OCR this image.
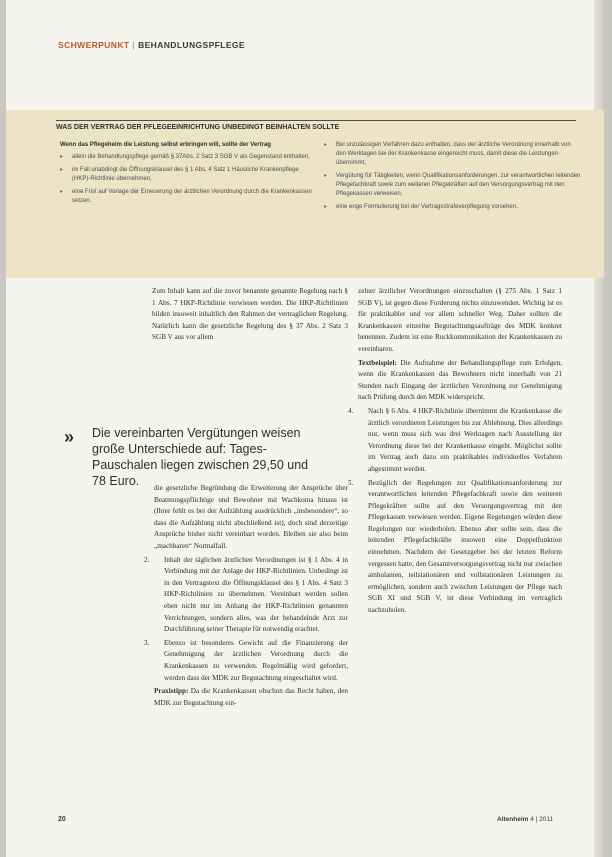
SCHWERPUNKT | BEHANDLUNGSPFLEGE
WAS DER VERTRAG DER PFLEGEEINRICHTUNG UNBEDINGT BEINHALTEN SOLLTE
Wenn das Pflegeheim die Leistung selbst erbringen will, sollte der Vertrag
▸ allein die Behandlungspflege gemäß § 37Abs. 2 Satz 3 SGB V als Gegenstand enthalten,
▸ im Fall unabdingt die Öffnungsklausel des § 1 Abs. 4 Satz 1 Häusliche Krankenpflege (HKP)-Richtlinie übernehmen,
▸ eine Frist auf Vorlage der Erneuerung der ärztlichen Verordnung durch die Krankenkassen setzen.
▸ Bei unzulässigen Verfahren dazu enthalten, dass der ärztliche Verordnung innerhalb von den Werktagen bei der Krankenkasse eingereicht muss, damit diese die Leistungen übernimmt,
▸ Vergütung für Tätigkeiten, wenn Qualifikationsanforderungen, zur verantwortlichen leitenden Pflegefachkraft sowie zum weiteren Pflegekräften auf den Versorgungsvertrag mit den Pflegekassen verweisen,
▸ eine enge Formulierung bei der Vertragsstrafeverpflegung vorsehen.

Zum Inhalt kann auf die zuvor benannte genannte Regelung nach § 1 Abs. 7 HKP-Richtlinie verwiesen werden. Die HKP-Richtlinien bilden insoweit inhaltlich den Rahmen der vertraglichen Regelung. Natürlich kann die gesetzliche Regelung des § 37 Abs. 2 Satz 3 SGB V aus vor allem

» Die vereinbarten Vergütungen weisen große Unterschiede auf: Tages-Pauschalen liegen zwischen 29,50 und 78 Euro.	die gesetzliche Begründung die Erweiterung der Ansprüche über Beatmungspflichtige und Bewohner mit Wachkoma hinaus ist (Ihrer fehlt es bei der Aufzählung ausdrücklich „insbesondere“, so dass die Aufzählung nicht abschließend ist), doch sind derzeitige Ansprüche bisher nicht vereinbart worden. Bleiben sie also beim „machbaren“ Normalfall.

2. Inhalt der täglichen ärztlichen Verordnungen ist § 1 Abs. 4 in Verbindung mit der Anlage der HKP-Richtlinien. Unbedingt ist in den Vertragstext die Öffnungsklausel des § 1 Abs. 4 Satz 3 HKP-Richtlinien zu übernehmen. Vereinbart werden sollen eben nicht nur im Anhang der HKP-Richtlinien genannten Verrichtungen, sondern alles, was der behandelnde Arzt zur Durchführung seiner Therapie für notwendig erachtet.

3. Ebenso ist besonderes Gewicht auf die Finanzierung der Genehmigung der ärztlichen Verordnung durch die Krankenkassen zu verwenden. Regelmäßig wird gefordert, werden dass der MDK zur Begutachtung eingeschaltet wird.

Praxistipp: Da die Krankenkassen obschon das Recht haben, den MDK zur Begutachtung ein-

zelner ärztlicher Verordnungen einzuschalten (§ 275 Abs. 1 Satz 1 SGB V), ist gegen diese Forderung nichts einzuwenden. Wichtig ist es für praktikabler und vor allem schneller Weg. Daher sollten die Krankenkassen einzelne Begutachtungsaufträge des MDK konkret benennen. Zudem ist eine Ruckkommunikation der Krankenkassen zu vereinbaren.

Textbeispiel: Die Aufnahme der Behandlungspflege zum Erfolgen, wenn die Krankenkassen das Bewohnern nicht innerhalb von 21 Stunden nach Eingang der ärztlichen Verordnung zur Genehmigung nach Prüfung durch den MDK widerspricht.

4. Nach § 6 Abs. 4 HKP-Richtlinie übernimmt die Krankenkasse die ärztlich verordneten Leistungen bis zur Ablehnung. Dies allerdings nur, wenn muss sich was drei Werktagen nach Ausstellung der Verordnung diese bei der Krankenkasse eingeht. Möglichst sollte im Vertrag auch dazu ein praktikables individuelles Verfahren abgestimmt werden.

5. Bezüglich der Regelungen zur Qualifikationsanforderung zur verantwortlichen leitenden Pflegefachkraft sowie den weiteren Pflegekräften sollte auf den Versorgungsvertrag mit den Pflegekassen verwiesen werden. Eigene Regelungen würden diese Regelungen nur wiederholen. Ebenso aber sollte sein, dass die leitenden Pflegefachkräfte insoweit eine Doppelfunktion einnehmen. Nachdem der Gesetzgeber bei der letzten Reform vergessen hatte, den Gesamtversorgungsvertrag nicht nur zwischen ambulanten, teilstationären und vollstationären Leistungen zu ermöglichen, sondern auch zwischen Leistungen der Pflege nach SGB XI und SGB V, ist diese Verbindung im vertraglich nachzuholen.

20	Altenheim 4 | 2011
